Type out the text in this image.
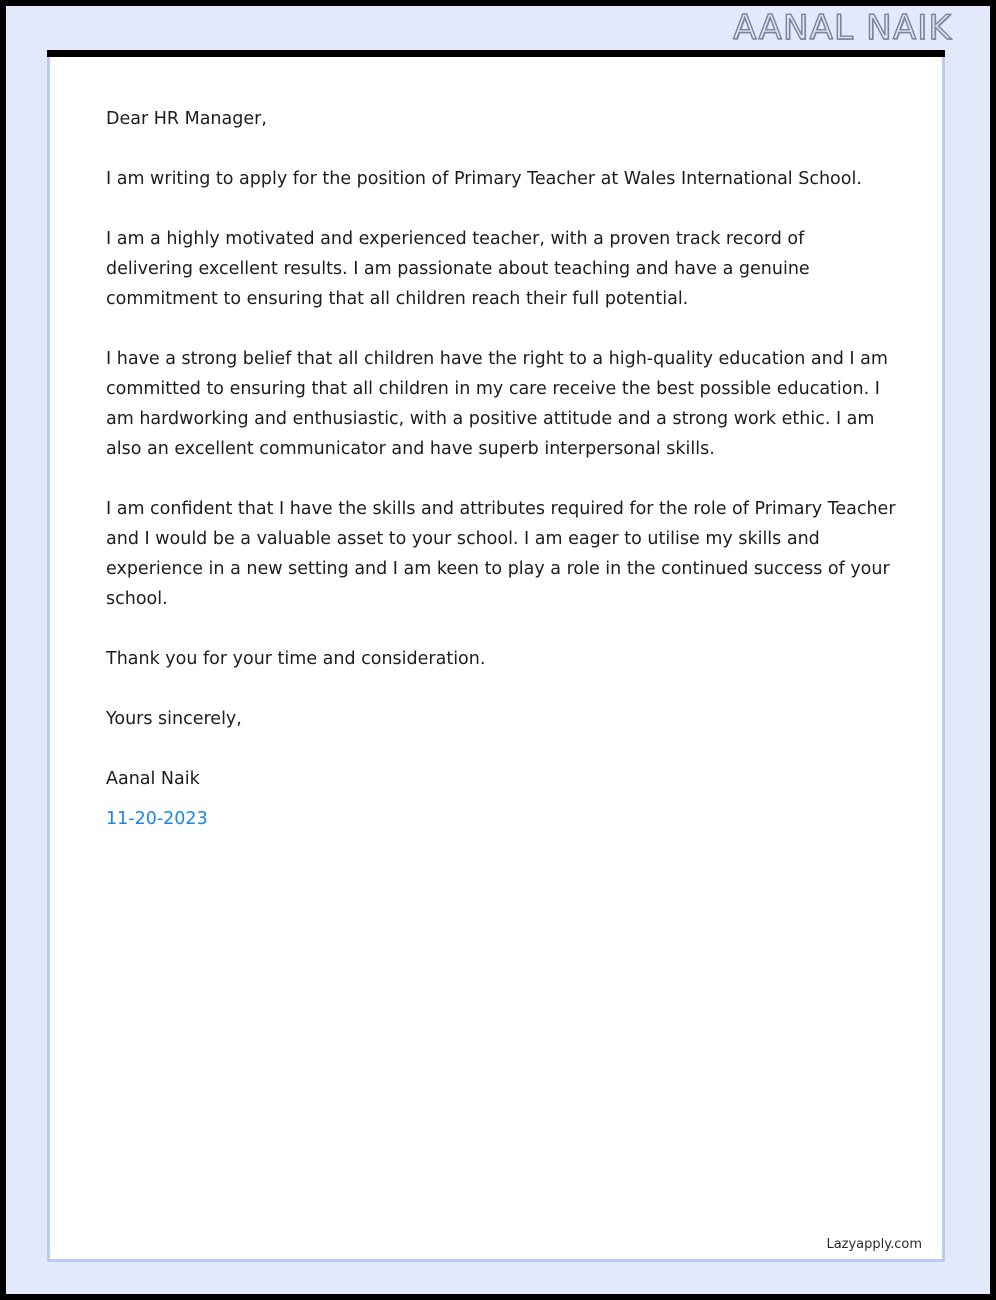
AANAL NAIK

Dear HR Manager,

I am writing to apply for the position of Primary Teacher at Wales International School.

I am a highly motivated and experienced teacher, with a proven track record of delivering excellent results. I am passionate about teaching and have a genuine commitment to ensuring that all children reach their full potential.

I have a strong belief that all children have the right to a high-quality education and I am committed to ensuring that all children in my care receive the best possible education. I am hardworking and enthusiastic, with a positive attitude and a strong work ethic. I am also an excellent communicator and have superb interpersonal skills.

I am confident that I have the skills and attributes required for the role of Primary Teacher and I would be a valuable asset to your school. I am eager to utilise my skills and experience in a new setting and I am keen to play a role in the continued success of your school.

Thank you for your time and consideration.

Yours sincerely,

Aanal Naik

11-20-2023

Lazyapply.com
